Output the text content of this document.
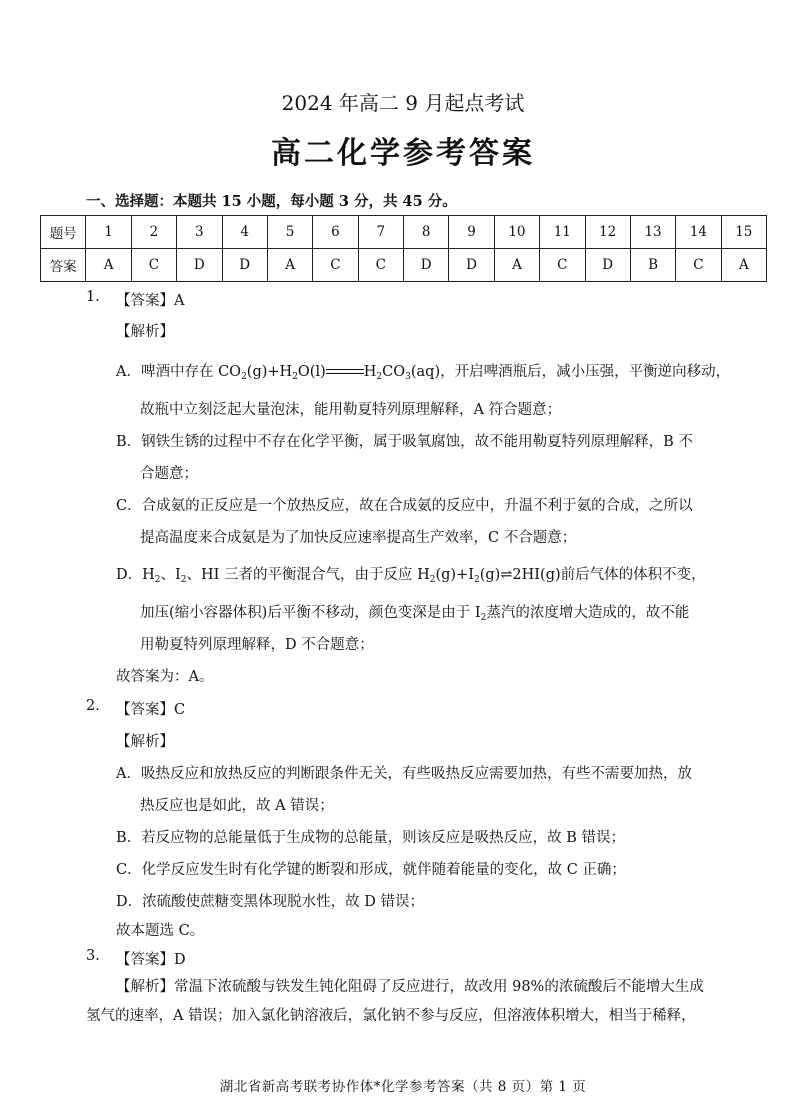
2024 年高二 9 月起点考试
高二化学参考答案
一、选择题：本题共 15 小题，每小题 3 分，共 45 分。
题号	1	2	3	4	5	6	7	8	9	10	11	12	13	14	15
答案	A	C	D	D	A	C	C	D	D	A	C	D	B	C	A
1. 【答案】A
【解析】
A．啤酒中存在 $CO_2(g)+H_2O(l)$	$H_2CO_3(aq)$，开启啤酒瓶后，减小压强，平衡逆向移动，
故瓶中立刻泛起大量泡沫，能用勒夏特列原理解释，A 符合题意；
B．钢铁生锈的过程中不存在化学平衡，属于吸氧腐蚀，故不能用勒夏特列原理解释，B 不
合题意；
C．合成氨的正反应是一个放热反应，故在合成氨的反应中，升温不利于氨的合成，之所以
提高温度来合成氨是为了加快反应速率提高生产效率，C 不合题意；
D．$H_2$、$I_2$、HI 三者的平衡混合气，由于反应 $H_2(g)+I_2(g)\rightleftharpoons 2HI(g)$前后气体的体积不变，
加压(缩小容器体积)后平衡不移动，颜色变深是由于 $I_2$蒸汽的浓度增大造成的，故不能
用勒夏特列原理解释，D 不合题意；
故答案为：A。
2. 【答案】C
【解析】
A．吸热反应和放热反应的判断跟条件无关，有些吸热反应需要加热，有些不需要加热，放
热反应也是如此，故 A 错误；
B．若反应物的总能量低于生成物的总能量，则该反应是吸热反应，故 B 错误；
C．化学反应发生时有化学键的断裂和形成，就伴随着能量的变化，故 C 正确；
D．浓硫酸使蔗糖变黑体现脱水性，故 D 错误；
故本题选 C。
3. 【答案】D
【解析】常温下浓硫酸与铁发生钝化阻碍了反应进行，故改用 98%的浓硫酸后不能增大生成
氢气的速率，A 错误；加入氯化钠溶液后，氯化钠不参与反应，但溶液体积增大，相当于稀释，
湖北省新高考联考协作体*化学参考答案（共 8 页）第 1 页
